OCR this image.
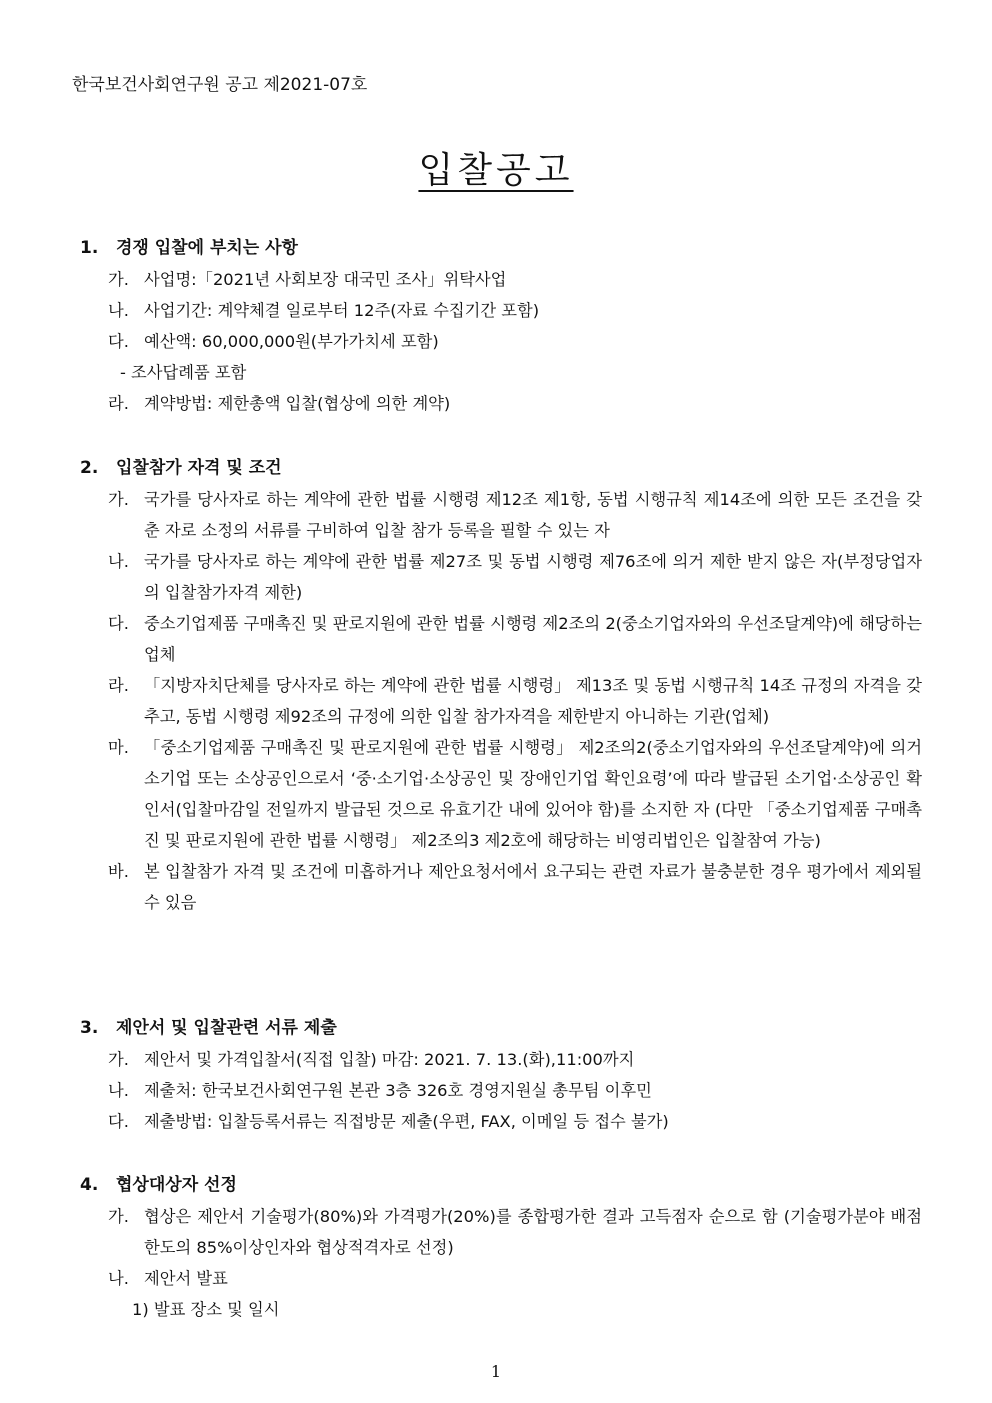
한국보건사회연구원 공고 제2021-07호
입찰공고
1. 경쟁 입찰에 부치는 사항
가. 사업명:「2021년 사회보장 대국민 조사」위탁사업
나. 사업기간: 계약체결 일로부터 12주(자료 수집기간 포함)
다. 예산액: 60,000,000원(부가가치세 포함)
- 조사답례품 포함
라. 계약방법: 제한총액 입찰(협상에 의한 계약)
2. 입찰참가 자격 및 조건
가. 국가를 당사자로 하는 계약에 관한 법률 시행령 제12조 제1항, 동법 시행규칙 제14조에 의한 모든 조건을 갖춘 자로 소정의 서류를 구비하여 입찰 참가 등록을 필할 수 있는 자
나. 국가를 당사자로 하는 계약에 관한 법률 제27조 및 동법 시행령 제76조에 의거 제한 받지 않은 자(부정당업자의 입찰참가자격 제한)
다. 중소기업제품 구매촉진 및 판로지원에 관한 법률 시행령 제2조의 2(중소기업자와의 우선조달계약)에 해당하는 업체
라. 「지방자치단체를 당사자로 하는 계약에 관한 법률 시행령」 제13조 및 동법 시행규칙 14조 규정의 자격을 갖추고, 동법 시행령 제92조의 규정에 의한 입찰 참가자격을 제한받지 아니하는 기관(업체)
마. 「중소기업제품 구매촉진 및 판로지원에 관한 법률 시행령」 제2조의2(중소기업자와의 우선조달계약)에 의거 소기업 또는 소상공인으로서 ‘중·소기업·소상공인 및 장애인기업 확인요령’에 따라 발급된 소기업·소상공인 확인서(입찰마감일 전일까지 발급된 것으로 유효기간 내에 있어야 함)를 소지한 자 (다만 「중소기업제품 구매촉진 및 판로지원에 관한 법률 시행령」 제2조의3 제2호에 해당하는 비영리법인은 입찰참여 가능)
바. 본 입찰참가 자격 및 조건에 미흡하거나 제안요청서에서 요구되는 관련 자료가 불충분한 경우 평가에서 제외될 수 있음
3. 제안서 및 입찰관련 서류 제출
가. 제안서 및 가격입찰서(직접 입찰) 마감: 2021. 7. 13.(화),11:00까지
나. 제출처: 한국보건사회연구원 본관 3층 326호 경영지원실 총무팀 이후민
다. 제출방법: 입찰등록서류는 직접방문 제출(우편, FAX, 이메일 등 접수 불가)
4. 협상대상자 선정
가. 협상은 제안서 기술평가(80%)와 가격평가(20%)를 종합평가한 결과 고득점자 순으로 함 (기술평가분야 배점한도의 85%이상인자와 협상적격자로 선정)
나. 제안서 발표
1) 발표 장소 및 일시
1
